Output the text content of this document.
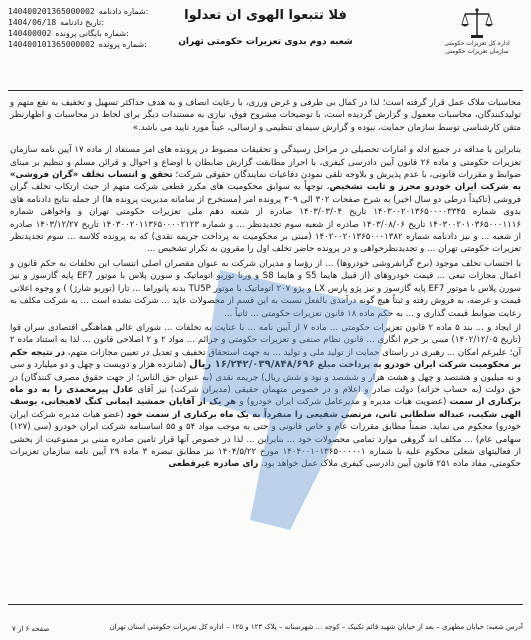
140400201365000002 شماره دادنامه:
1404/06/18 تاریخ دادنامه:
140400002 شماره بایگانی پرونده:
140400101365000002 شماره پرونده:
فلا تتبعوا الهوی ان تعدلوا
شعبه دوم بدوی تعزیرات حکومتی تهران	اداره کل تعزیرات حکومتی
سازمان تعزیرات حکومتی

محاسبات ملاک عمل قرار گرفته است؛ لذا در کمال بی طرفی و غرض ورزی، با رعایت انصاف و به هدف حداکثر تسهیل و تخفیف به نفع متهم و تولیدکنندگان، محاسبات معمول و گزارش گردیده است، با توضیحات مشروح فوق، نیازی به مستندات دیگر برای لحاظ در محاسبات و اظهارنظر متقن کارشناسی توسط سازمان حمایت، نبوده و گزارش سیمای تنظیمی و ارسالی، عیناً مورد تایید می باشد.»

بنابراین با مداقه در جمیع ادله و امارات تحصیلی در مراحل رسیدگی و تحقیقات مضبوط در پرونده های امر مستفاد از ماده ۱۷ آیین نامه سازمان تعزیرات حکومتی و ماده ۲۶ قانون آیین دادرسی کیفری، با احراز مطابقت گزارش ضابطان با اوضاع و احوال و قرائن مسلم و تنظیم بر مبنای ضوابط و مقررات قانونی، با عدم پذیرش و بلاوجه تلقی نمودن دفاعیات نمایندگان حقوقی شرکت؛ تحقق و انتساب تخلف «گران فروشی» به شرکت ایران خودرو محرز و ثابت تشخیص، توجهاً به سوابق محکومیت های مکرر قطعی شرکت متهم از حیث ارتکاب تخلف گران فروشی (تاکیداً درطی دو سال اخیر) به شرح صفحات ۳۰۲ الی ۳۰۹ پرونده امر (مستخرج از سامانه مدیریت پرونده ها) از جمله نتایج دادنامه های بدوی شماره ۱۴۰۳۰۰۲۰۱۳۶۵۰۰۰۰۳۳۴۵ تاریخ ۱۴۰۳/۰۳/۰۴ صادره از شعبه دهم ملی تعزیرات حکومتی تهران و واخواهی شماره ۱۴۰۳۰۰۲۰۱۰۳۶۵۰۰۰۱۱۱۶ تاریخ ۱۴۰۳/۰۸/۰۶ صادره از شعبه سوم تجدیدنظر ... و شماره ۱۴۰۳۰۰۲۰۱۱۳۶۵۰۰۰۰۲۱۲۳ تاریخ ۱۴۰۳/۱۲/۲۷ صادره از شعبه ... و نیز دادنامه شماره ۱۴۰۲۰۰۲۰۱۳۶۵۰۰۰۱۳۸۲ (مبنی بر محکومیت به پرداخت جریمه نقدی) که به پرونده کلاسه ... سوم تجدیدنظر تعزیرات حکومتی تهران ... و تجدیدنظرخواهی و در پرونده حاضر تخلف اول را مقرون به تکرار تشخیص ...

با احتساب تخلف موجود (نرخ گرانفروشی خودروها) ... از رؤسا و مدیران شرکت به عنوان مقصران اصلی انتساب این تخلفات به حکم قانون و اعمال مجازات تبعی ... قیمت خودروهای (از قبیل هایما S5 و هایما S8 و ورنا توربو اتوماتیک و سورن پلاس با موتور EF7 پایه گازسوز و نیز سورن پلاس با موتور EF7 پایه گازسوز و نیز پژو پارس LX و پژو ۲۰۷ اتوماتیک با موتور TU5P بدنه پانوراما ... تارا (توربو شارژ) ) و وجوه اعلانی قیمت و عرضه، به فروش رفته و ثبتاً هیچ گونه درآمدی بالفعل نسبت به این قسم از محصولات عاید ... شرکت نشده است ... به شرکت مکلف به رعایت ضوابط قیمت گذاری و ... به حکم ماده ۱۸ قانون تعزیرات حکومتی ... ثانیاً ...

از ایجاد و ... بند ۵ ماده ۲ قانون تعزیرات حکومتی ... ماده ۷ از آیین نامه ... با عنایت به تخلفات ... شورای عالی هماهنگی اقتصادی سران قوا (تاریخ ۱۴۰۲/۱۲/۰۵) مبنی بر جرم انگاری ... قانون نظام صنفی و تعزیرات حکومتی و جرائم ... مواد ۲ و ۲ اصلاحی قانون ... لذا به استناد ماده ۲ آن؛ علیرغم امکان ... رهبری در راستای حمایت از تولید ملی و تولید ... به جهت استحقاق تخفیف و تعدیل در تعیین مجازات متهم، در نتیجه حکم بر محکومیت شرکت ایران خودرو به پرداخت مبلغ ۱۶/۲۴۲/۰۳۹/۸۴۸/۶۹۶ ریال (شانزده هزار و دویست و چهل و دو میلیارد و سی و نه میلیون و هشتصد و چهل و هشت هزار و ششصد و نود و شش ریال) جریمه نقدی (به عنوان حق الناس؛ از جهت حقوق مصرف کنندگان) در حق دولت (به حساب خزانه) دولت صادر و اعلام و در خصوص متهمان حقیقی (مدیران شرکت) نیز آقای عادل پیرمحمدی را به دو ماه برکناری از سمت (عضویت هیات مدیره و مدیرعامل شرکت ایران خودرو) و هر یک از آقایان جمشید ایمانی کنگ لاهیجانی، یوسف الهی شکیب، عبداله سلطانی ثانی، مرتضی شفیعی را منفرداً به یک ماه برکناری از سمت خود (عضو هیات مدیره شرکت ایران خودرو) محکوم می نماید. ضمناً مطابق مقررات عام و خاص قانونی و حتی به موجب مواد ۵۴ و ۵۵ اساسنامه شرکت ایران خودرو (سی (۱۲۷) سهامی عام) ... مکلف اند گروهی موارد تمامی محصولات خود ... بنابراین ... لذا در خصوص آنها قرار تامین صادره مبنی بر ممنوعیت از بخشی از فعالیتهای شغلی محکوم علیه با شماره ۱۴۰۴۰۰۱۰۱۳۶۵۰۰۰۰۰۱ مورخ ۱۴۰۴/۵/۲۲ نیز مطابق تبصره ۳ ماده ۲۹ آیین نامه سازمان تعزیرات حکومتی، مفاد ماده ۲۵۱ قانون آیین دادرسی کیفری ملاک عمل خواهد بود. رای صادره غیرقطعی

آدرس شعبه: خیابان مطهری – بعد از خیابان شهید قائم تکنیک – کوچه ... شهرستانه – پلاک ۱۲۳ و ۱۲۵ – اداره کل تعزیرات حکومتی استان تهران
صفحه ۶ از ۷
